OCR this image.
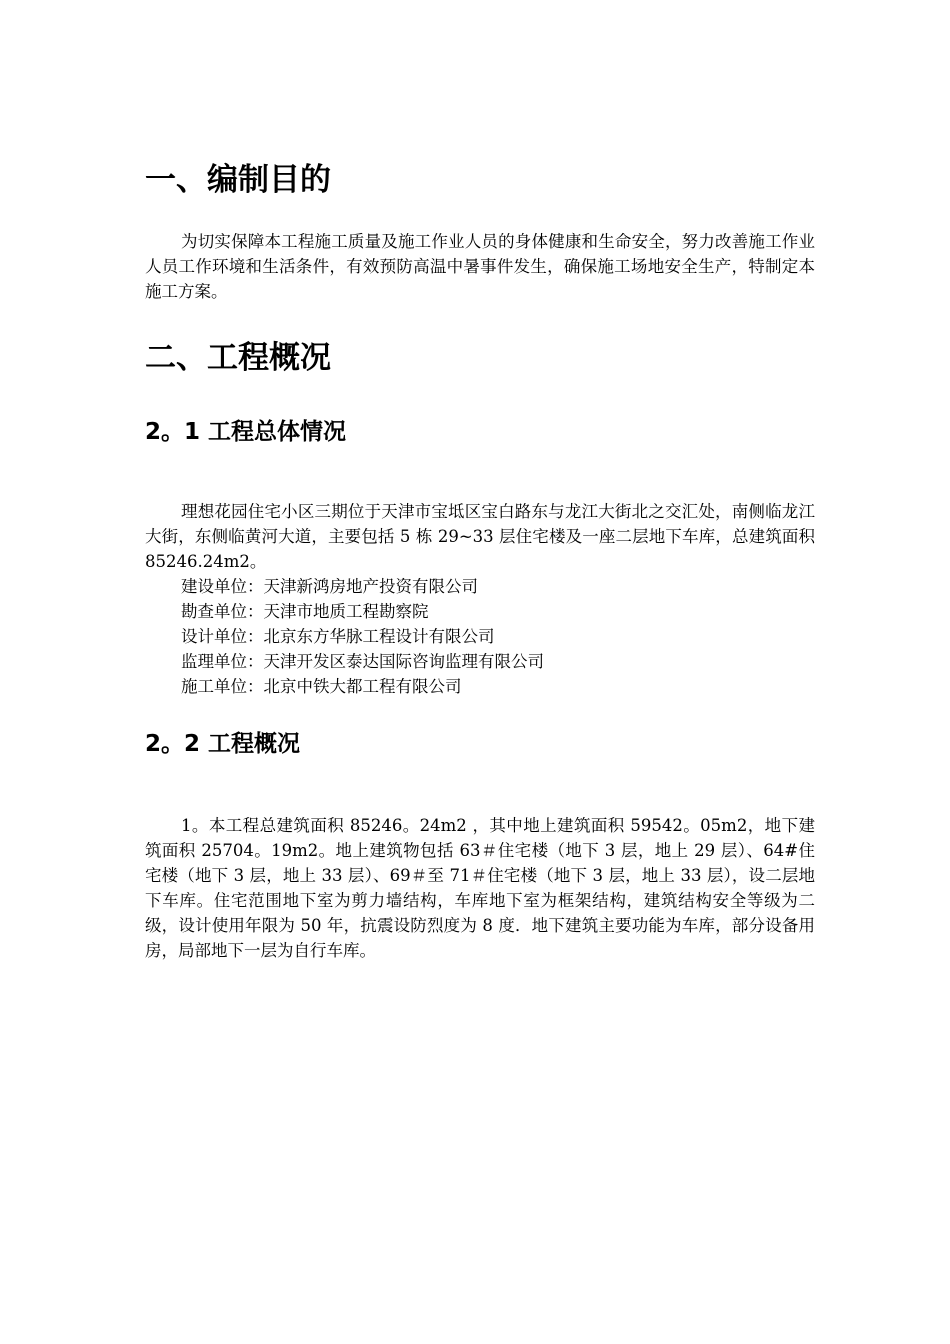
一、编制目的

为切实保障本工程施工质量及施工作业人员的身体健康和生命安全，努力改善施工作业人员工作环境和生活条件，有效预防高温中暑事件发生，确保施工场地安全生产，特制定本施工方案。

二、工程概况
2。1 工程总体情况

理想花园住宅小区三期位于天津市宝坻区宝白路东与龙江大街北之交汇处，南侧临龙江大街，东侧临黄河大道，主要包括 5 栋 29~33 层住宅楼及一座二层地下车库，总建筑面积 85246.24m2。

建设单位：天津新鸿房地产投资有限公司

勘查单位：天津市地质工程勘察院

设计单位：北京东方华脉工程设计有限公司

监理单位：天津开发区泰达国际咨询监理有限公司

施工单位：北京中铁大都工程有限公司

2。2 工程概况

1。本工程总建筑面积 85246。24m2 ，其中地上建筑面积 59542。05m2，地下建筑面积 25704。19m2。地上建筑物包括 63＃住宅楼（地下 3 层，地上 29 层）、64#住宅楼（地下 3 层，地上 33 层）、69＃至 71＃住宅楼（地下 3 层，地上 33 层），设二层地下车库。住宅范围地下室为剪力墙结构，车库地下室为框架结构，建筑结构安全等级为二级，设计使用年限为 50 年，抗震设防烈度为 8 度．地下建筑主要功能为车库，部分设备用房，局部地下一层为自行车库。
